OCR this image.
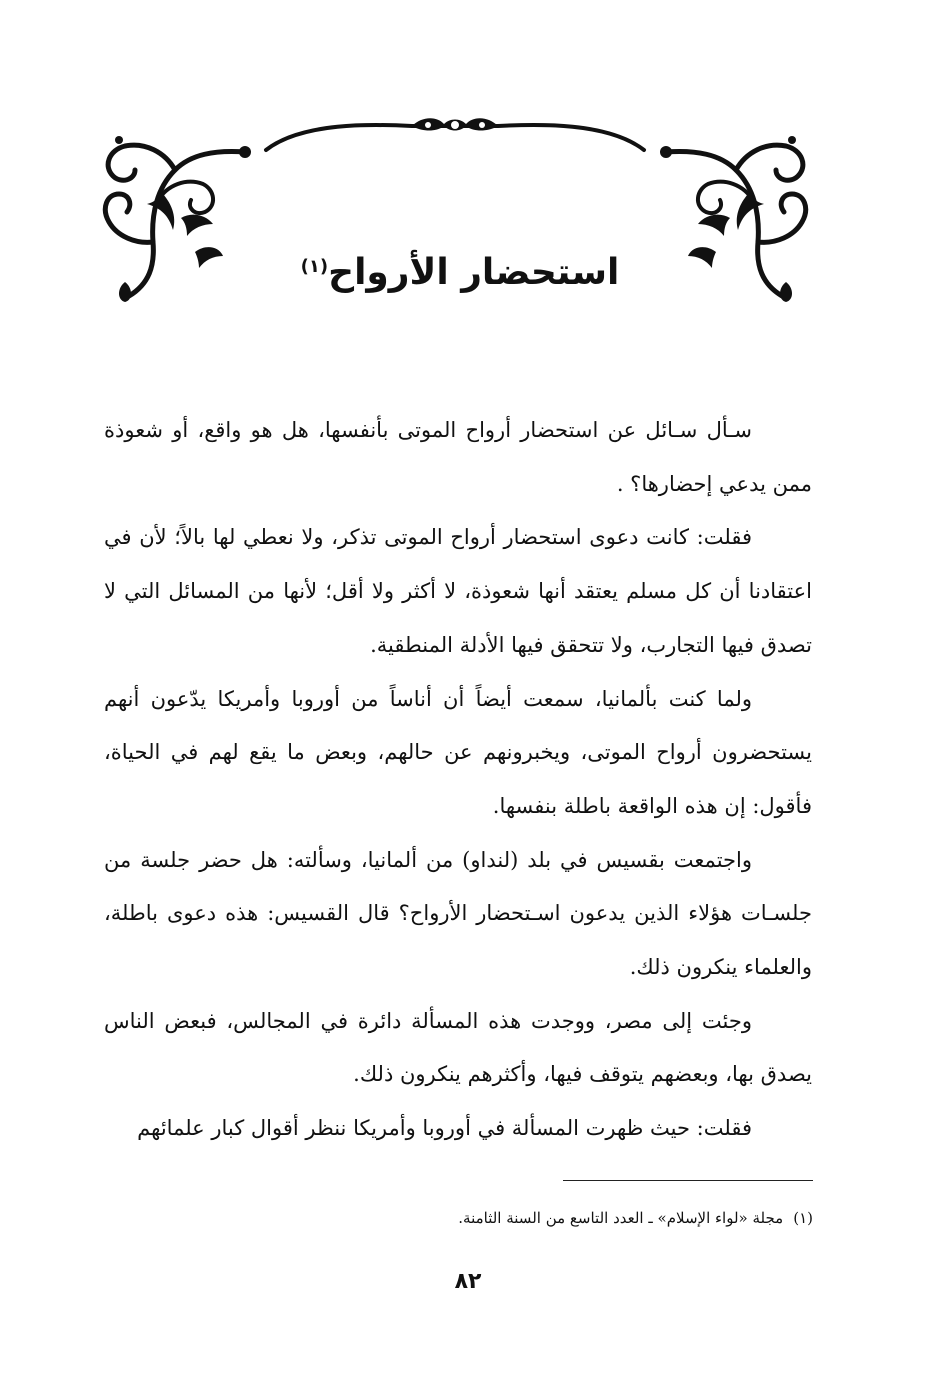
استحضار الأرواح$^{(١)}$

سـأل سـائل عن استحضار أرواح الموتى بأنفسها، هل هو واقع، أو شعوذة ممن يدعي إحضارها؟ .

فقلت: كانت دعوى استحضار أرواح الموتى تذكر، ولا نعطي لها بالاً؛ لأن في اعتقادنا أن كل مسلم يعتقد أنها شعوذة، لا أكثر ولا أقل؛ لأنها من المسائل التي لا تصدق فيها التجارب، ولا تتحقق فيها الأدلة المنطقية.

ولما كنت بألمانيا، سمعت أيضاً أن أناساً من أوروبا وأمريكا يدّعون أنهم يستحضرون أرواح الموتى، ويخبرونهم عن حالهم، وبعض ما يقع لهم في الحياة، فأقول: إن هذه الواقعة باطلة بنفسها.

واجتمعت بقسيس في بلد (لنداو) من ألمانيا، وسألته: هل حضر جلسة من جلسـات هؤلاء الذين يدعون اسـتحضار الأرواح؟ قال القسيس: هذه دعوى باطلة، والعلماء ينكرون ذلك.

وجئت إلى مصر، ووجدت هذه المسألة دائرة في المجالس، فبعض الناس يصدق بها، وبعضهم يتوقف فيها، وأكثرهم ينكرون ذلك.

فقلت: حيث ظهرت المسألة في أوروبا وأمريكا ننظر أقوال كبار علمائهم

(١)مجلة «لواء الإسلام» ـ العدد التاسع من السنة الثامنة.
٨٢
